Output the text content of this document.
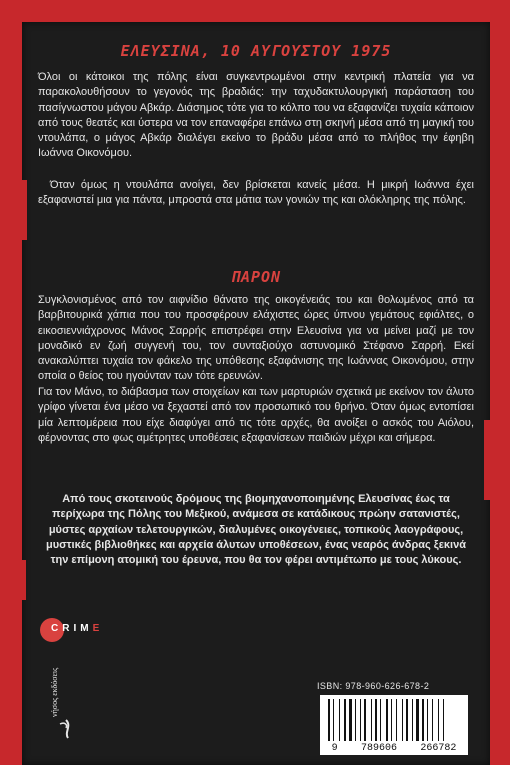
ΕΛΕΥΣΙΝΑ, 10 ΑΥΓΟΥΣΤΟΥ 1975

Όλοι οι κάτοικοι της πόλης είναι συγκεντρωμένοι στην κεντρική πλατεία για να παρακολουθήσουν το γεγονός της βραδιάς: την ταχυδακτυλουργική παράσταση του πασίγνωστου μάγου Αβκάρ. Διάσημος τότε για το κόλπο του να εξαφανίζει τυχαία κάποιον από τους θεατές και ύστερα να τον επαναφέρει επάνω στη σκηνή μέσα από τη μαγική του ντουλάπα, ο μάγος Αβκάρ διαλέγει εκείνο το βράδυ μέσα από το πλήθος την έφηβη Ιωάννα Οικονόμου.

Όταν όμως η ντουλάπα ανοίγει, δεν βρίσκεται κανείς μέσα. Η μικρή Ιωάννα έχει εξαφανιστεί μια για πάντα, μπροστά στα μάτια των γονιών της και ολόκληρης της πόλης.

ΠΑΡΟΝ

Συγκλονισμένος από τον αιφνίδιο θάνατο της οικογένειάς του και θολωμένος από τα βαρβιτουρικά χάπια που του προσφέρουν ελάχιστες ώρες ύπνου γεμάτους εφιάλτες, ο εικοσιεννιάχρονος Μάνος Σαρρής επιστρέφει στην Ελευσίνα για να μείνει μαζί με τον μοναδικό εν ζωή συγγενή του, τον συνταξιούχο αστυνομικό Στέφανο Σαρρή. Εκεί ανακαλύπτει τυχαία τον φάκελο της υπόθεσης εξαφάνισης της Ιωάννας Οικονόμου, στην οποία ο θείος του ηγούνταν των τότε ερευνών.

Για τον Μάνο, το διάβασμα των στοιχείων και των μαρτυριών σχετικά με εκείνον τον άλυτο γρίφο γίνεται ένα μέσο να ξεχαστεί από τον προσωπικό του θρήνο. Όταν όμως εντοπίσει μία λεπτομέρεια που είχε διαφύγει από τις τότε αρχές, θα ανοίξει ο ασκός του Αιόλου, φέρνοντας στο φως αμέτρητες υποθέσεις εξαφανίσεων παιδιών μέχρι και σήμερα.

Από τους σκοτεινούς δρόμους της βιομηχανοποιημένης Ελευσίνας έως τα περίχωρα της Πόλης του Μεξικού, ανάμεσα σε κατάδικους πρώην σατανιστές, μύστες αρχαίων τελετουργικών, διαλυμένες οικογένειες, τοπικούς λαογράφους, μυστικές βιβλιοθήκες και αρχεία άλυτων υποθέσεων, ένας νεαρός άνδρας ξεκινά την επίμονη ατομική του έρευνα, που θα τον φέρει αντιμέτωπο με τους λύκους.

CRIME
νήσος εκδόσεις	ISBN: 978-960-626-678-2
9 789606 266782
